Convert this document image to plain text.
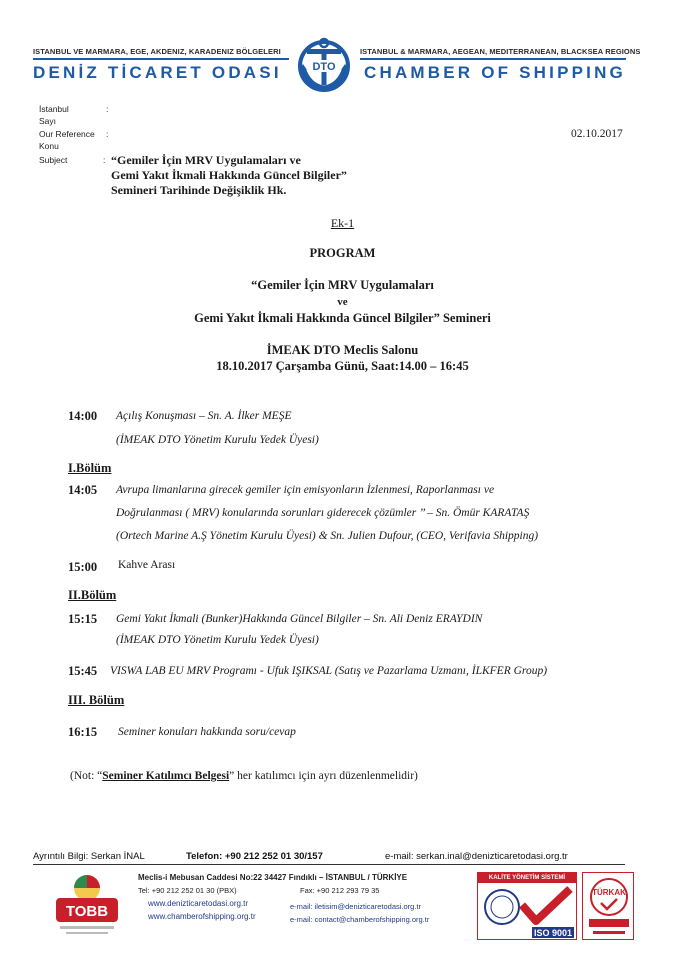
ISTANBUL VE MARMARA, EGE, AKDENIZ, KARADENIZ BÖLGELERI	ISTANBUL & MARMARA, AEGEAN, MEDITERRANEAN, BLACKSEA REGIONS
DENİZ TİCARET ODASI	CHAMBER OF SHIPPING
DTO
İstanbul	:
Sayı
Our Reference :
Konu
Subject	:
02.10.2017
“Gemiler İçin MRV Uygulamaları ve
Gemi Yakıt İkmali Hakkında Güncel Bilgiler”
Semineri Tarihinde Değişiklik Hk.
Ek-1
PROGRAM
“Gemiler İçin MRV Uygulamaları
ve
Gemi Yakıt İkmali Hakkında Güncel Bilgiler” Semineri
İMEAK DTO Meclis Salonu
18.10.2017 Çarşamba Günü, Saat:14.00 – 16:45
14:00 Açılış Konuşması – Sn. A. İlker MEŞE
(İMEAK DTO Yönetim Kurulu Yedek Üyesi)
I.Bölüm
14:05 Avrupa limanlarına girecek gemiler için emisyonların İzlenmesi, Raporlanması ve
Doğrulanması ( MRV) konularında sorunları giderecek çözümler ’’ – Sn. Ömür KARATAŞ
(Ortech Marine A.Ş Yönetim Kurulu Üyesi) & Sn. Julien Dufour, (CEO, Verifavia Shipping)
15:00 Kahve Arası
II.Bölüm
15:15 Gemi Yakıt İkmali (Bunker)Hakkında Güncel Bilgiler – Sn. Ali Deniz ERAYDIN
(İMEAK DTO Yönetim Kurulu Yedek Üyesi)
15:45 VISWA LAB EU MRV Programı - Ufuk IŞIKSAL (Satış ve Pazarlama Uzmanı, İLKFER Group)
III. Bölüm
16:15 Seminer konuları hakkında soru/cevap
(Not: “Seminer Katılımcı Belgesi” her katılımcı için ayrı düzenlenmelidir)
Ayrıntılı Bilgi: Serkan İNAL	Telefon: +90 212 252 01 30/157	e-mail: serkan.inal@denizticaretodasi.org.tr
TOBB
Meclis-i Mebusan Caddesi No:22 34427 Fındıklı – İSTANBUL / TÜRKİYE
Tel: +90 212 252 01 30 (PBX)	Fax: +90 212 293 79 35
www.denizticaretodasi.org.tr	e-mail: iletisim@denizticaretodasi.org.tr
www.chamberofshipping.org.tr	e-mail: contact@chamberofshipping.org.tr
KALİTE YÖNETİM SİSTEMİ
ISO 9001
TÜRKAK
